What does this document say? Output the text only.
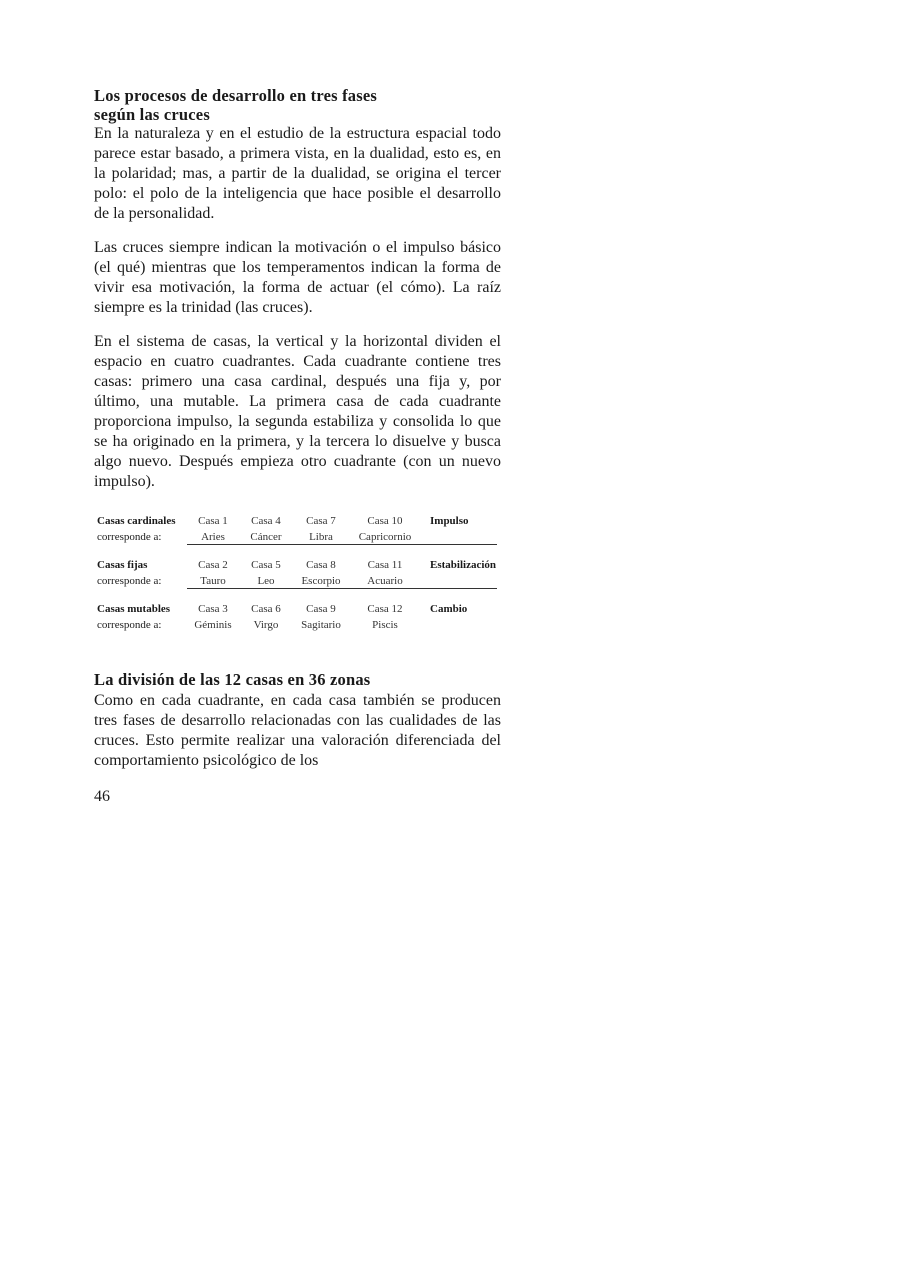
Los procesos de desarrollo en tres fases
según las cruces

En la naturaleza y en el estudio de la estructura espacial todo parece estar basado, a primera vista, en la dualidad, esto es, en la polaridad; mas, a partir de la dualidad, se origina el tercer polo: el polo de la inteligencia que hace posible el desarrollo de la personalidad.

Las cruces siempre indican la motivación o el impulso básico (el qué) mientras que los temperamentos indican la forma de vivir esa motivación, la forma de actuar (el cómo). La raíz siempre es la trinidad (las cruces).

En el sistema de casas, la vertical y la horizontal dividen el espacio en cuatro cuadrantes. Cada cuadrante contiene tres casas: primero una casa cardinal, después una fija y, por último, una mutable. La primera casa de cada cuadrante proporciona impulso, la segunda estabiliza y consolida lo que se ha originado en la primera, y la tercera lo disuelve y busca algo nuevo. Después empieza otro cuadrante (con un nuevo impulso).

Casas cardinales
corresponde a:
Casa 1
Aries
Casa 4
Cáncer
Casa 7
Libra
Casa 10
Capricornio
Impulso
Casas fijas
corresponde a:
Casa 2
Tauro
Casa 5
Leo
Casa 8
Escorpio
Casa 11
Acuario
Estabilización
Casas mutables
corresponde a:
Casa 3
Géminis
Casa 6
Virgo
Casa 9
Sagitario
Casa 12
Piscis
Cambio
La división de las 12 casas en 36 zonas

Como en cada cuadrante, en cada casa también se producen tres fases de desarrollo relacionadas con las cualidades de las cruces. Esto permite realizar una valoración diferenciada del comportamiento psicológico de los

46
